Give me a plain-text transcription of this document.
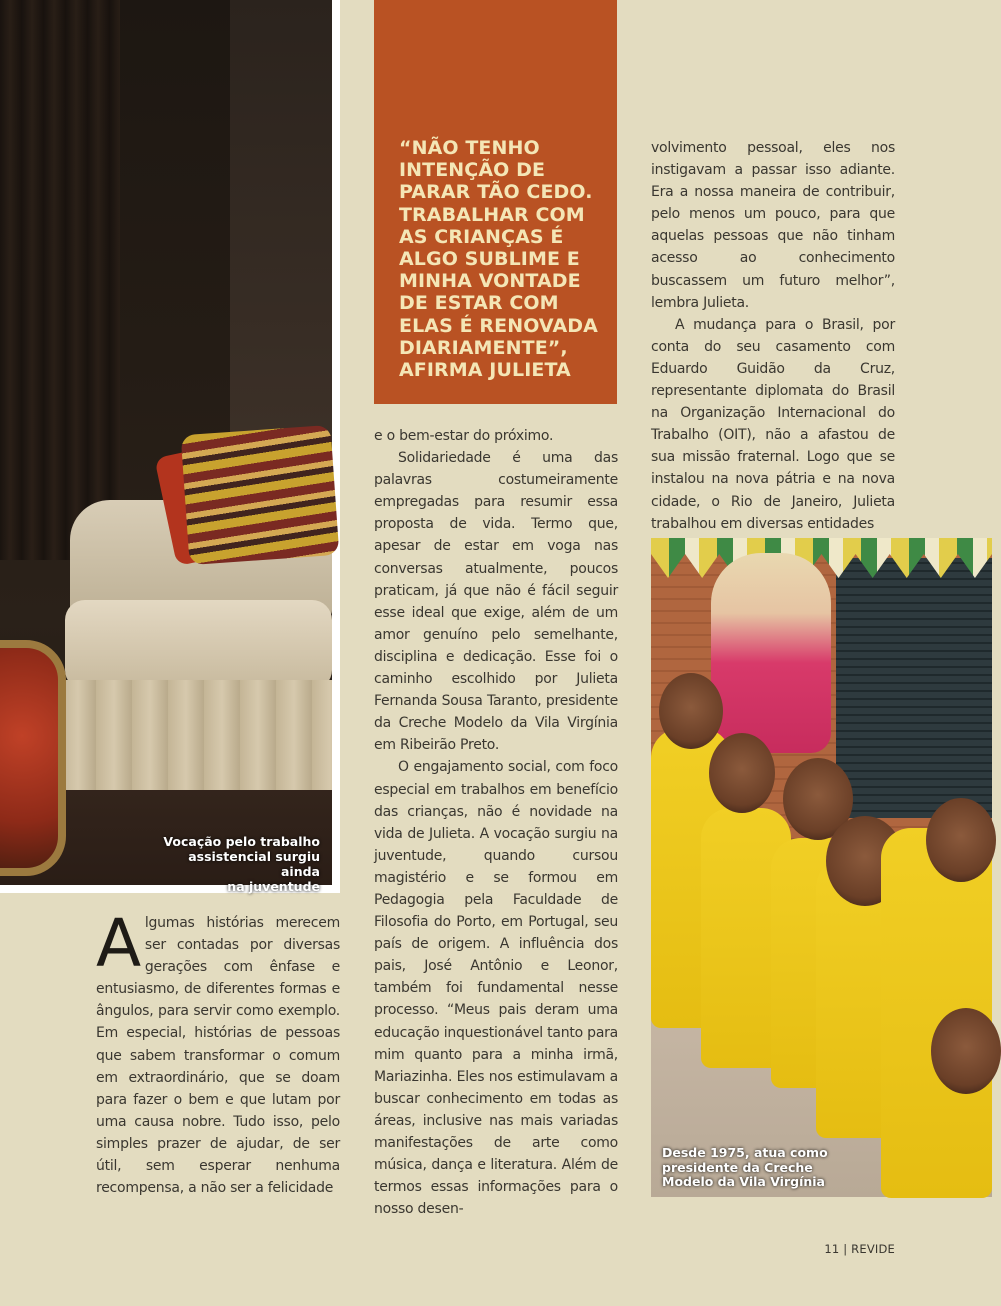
Vocação pelo trabalho
assistencial surgiu ainda
na juventude
“NÃO TENHO INTENÇÃO DE PARAR TÃO CEDO. TRABALHAR COM AS CRIANÇAS É ALGO SUBLIME E MINHA VONTADE DE ESTAR COM ELAS É RENOVADA DIARIAMENTE”, AFIRMA JULIETA

Algumas histórias merecem ser contadas por diversas gerações com ênfase e entusiasmo, de diferentes formas e ângulos, para servir como exemplo. Em especial, histórias de pessoas que sabem transformar o comum em extraordinário, que se doam para fazer o bem e que lutam por uma causa nobre. Tudo isso, pelo simples prazer de ajudar, de ser útil, sem esperar nenhuma recompensa, a não ser a felicidade

e o bem-estar do próximo.

Solidariedade é uma das palavras costumeiramente empregadas para resumir essa proposta de vida. Termo que, apesar de estar em voga nas conversas atualmente, poucos praticam, já que não é fácil seguir esse ideal que exige, além de um amor genuíno pelo semelhante, disciplina e dedicação. Esse foi o caminho escolhido por Julieta Fernanda Sousa Taranto, presidente da Creche Modelo da Vila Virgínia em Ribeirão Preto.

O engajamento social, com foco especial em trabalhos em benefício das crianças, não é novidade na vida de Julieta. A vocação surgiu na juventude, quando cursou magistério e se formou em Pedagogia pela Faculdade de Filosofia do Porto, em Portugal, seu país de origem. A influência dos pais, José Antônio e Leonor, também foi fundamental nesse processo. “Meus pais deram uma educação inquestionável tanto para mim quanto para a minha irmã, Mariazinha. Eles nos estimulavam a buscar conhecimento em todas as áreas, inclusive nas mais variadas manifestações de arte como música, dança e literatura. Além de termos essas informações para o nosso desen-

volvimento pessoal, eles nos instigavam a passar isso adiante. Era a nossa maneira de contribuir, pelo menos um pouco, para que aquelas pessoas que não tinham acesso ao conhecimento buscassem um futuro melhor”, lembra Julieta.

A mudança para o Brasil, por conta do seu casamento com Eduardo Guidão da Cruz, representante diplomata do Brasil na Organização Internacional do Trabalho (OIT), não a afastou de sua missão fraternal. Logo que se instalou na nova pátria e na nova cidade, o Rio de Janeiro, Julieta trabalhou em diversas entidades

Desde 1975, atua como
presidente da Creche
Modelo da Vila Virgínia
11 | REVIDE
